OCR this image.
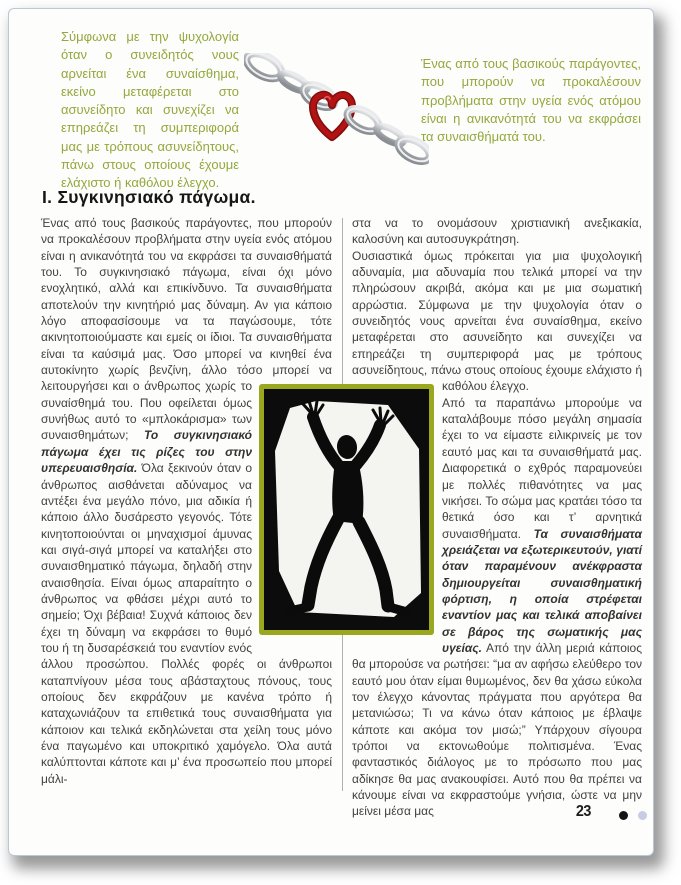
Σύμφωνα με την ψυχολογία όταν ο συνειδητός νους αρνείται ένα συναίσθημα, εκείνο μεταφέρεται στο ασυνείδητο και συνεχίζει να επηρεάζει τη συμπεριφορά μας με τρόπους ασυνείδητους, πάνω στους οποίους έχουμε ελάχιστο ή καθόλου έλεγχο.
Ένας από τους βασικούς παράγοντες, που μπορούν να προκαλέσουν προβλήματα στην υγεία ενός ατόμου είναι η ανικανότητά του να εκφράσει τα συναισθήματά του.
Ι. Συγκινησιακό πάγωμα.
Ένας από τους βασικούς παράγοντες, που μπορούν να προκαλέσουν προβλήματα στην υγεία ενός ατόμου είναι η ανικανότητά του να εκφράσει τα συναισθήματά του. Το συγκινησιακό πάγωμα, είναι όχι μόνο ενοχλητικό, αλλά και επικίνδυνο. Τα συναισθήματα αποτελούν την κινητήριό μας δύναμη. Αν για κάποιο λόγο αποφασίσουμε να τα παγώσουμε, τότε ακινητοποιούμαστε και εμείς οι ίδιοι. Τα συναισθήματα είναι τα καύσιμά μας. Όσο μπορεί να κινηθεί ένα αυτοκίνητο χωρίς βενζίνη, άλλο τόσο μπορεί να λειτουργήσει και ο άνθρωπος χωρίς το συναίσθημά του. Που οφείλεται όμως συνήθως αυτό το «μπλοκάρισμα» των συναισθημάτων; Το συγκινησιακό πάγωμα έχει τις ρίζες του στην υπερευαισθησία. Όλα ξεκινούν όταν ο άνθρωπος αισθάνεται αδύναμος να αντέξει ένα μεγάλο πόνο, μια αδικία ή κάποιο άλλο δυσάρεστο γεγονός. Τότε κινητοποιούνται οι μηναχισμοί άμυνας και σιγά-σιγά μπορεί να καταλήξει στο συναισθηματικό πάγωμα, δηλαδή στην αναισθησία. Είναι όμως απαραίτητο ο άνθρωπος να φθάσει μέχρι αυτό το σημείο; Όχι βέβαια! Συχνά κάποιος δεν έχει τη δύναμη να εκφράσει το θυμό του ή τη δυσαρέσκειά του εναντίον ενός άλλου προσώπου. Πολλές φορές οι άνθρωποι καταπνίγουν μέσα τους αβάσταχτους πόνους, τους οποίους δεν εκφράζουν με κανένα τρόπο ή καταχωνιάζουν τα επιθετικά τους συναισθήματα για κάποιον και τελικά εκδηλώνεται στα χείλη τους μόνο ένα παγωμένο και υποκριτικό χαμόγελο. Όλα αυτά καλύπτονται κάποτε και μ’ ένα προσωπείο που μπορεί μάλι-
στα να το ονομάσουν χριστιανική ανεξικακία, καλοσύνη και αυτοσυγκράτηση.
Ουσιαστικά όμως πρόκειται για μια ψυχολογική αδυναμία, μια αδυναμία που τελικά μπορεί να την πληρώσουν ακριβά, ακόμα και με μια σωματική αρρώστια. Σύμφωνα με την ψυχολογία όταν ο συνειδητός νους αρνείται ένα συναίσθημα, εκείνο μεταφέρεται στο ασυνείδητο και συνεχίζει να επηρεάζει τη συμπεριφορά μας με τρόπους ασυνείδητους, πάνω στους οποίους έχουμε ελάχιστο ή καθόλου έλεγχο.
Από τα παραπάνω μπορούμε να καταλάβουμε πόσο μεγάλη σημασία έχει το να είμαστε ειλικρινείς με τον εαυτό μας και τα συναισθήματά μας. Διαφορετικά ο εχθρός παραμονεύει με πολλές πιθανότητες να μας νικήσει. Το σώμα μας κρατάει τόσο τα θετικά όσο και τ’ αρνητικά συναισθήματα. Τα συναισθήματα χρειάζεται να εξωτερικευτούν, γιατί όταν παραμένουν ανέκφραστα δημιουργείται συναισθηματική φόρτιση, η οποία στρέφεται εναντίον μας και τελικά αποβαίνει σε βάρος της σωματικής μας υγείας. Από την άλλη μεριά κάποιος θα μπορούσε να ρωτήσει: “μα αν αφήσω ελεύθερο τον εαυτό μου όταν είμαι θυμωμένος, δεν θα χάσω εύκολα τον έλεγχο κάνοντας πράγματα που αργότερα θα μετανιώσω; Τι να κάνω όταν κάποιος με έβλαψε κάποτε και ακόμα τον μισώ;” Υπάρχουν σίγουρα τρόποι να εκτονωθούμε πολιτισμένα. Ένας φανταστικός διάλογος με το πρόσωπο που μας αδίκησε θα μας ανακουφίσει. Αυτό που θα πρέπει να κάνουμε είναι να εκφραστούμε γνήσια, ώστε να μην μείνει μέσα μας	23
